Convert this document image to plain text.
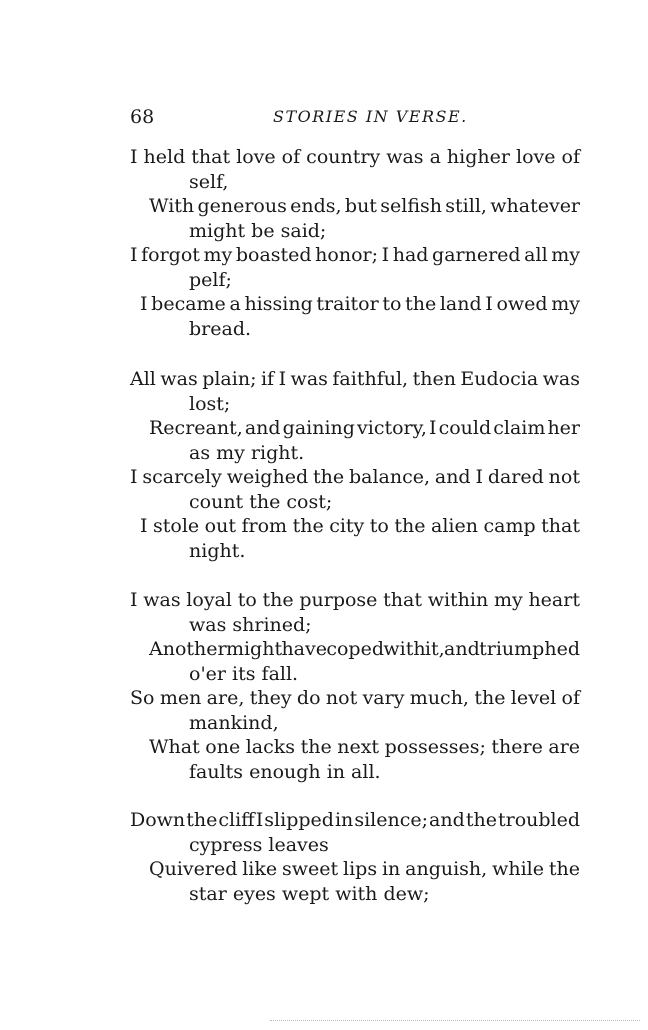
68	STORIES IN VERSE.
I held that love of country was a higher love of
self,
With generous ends, but selfish still, whatever
might be said;
I forgot my boasted honor; I had garnered all my
pelf;
I became a hissing traitor to the land I owed my
bread.
All was plain; if I was faithful, then Eudocia was
lost;
Recreant, and gaining victory, I could claim her
as my right.
I scarcely weighed the balance, and I dared not
count the cost;
I stole out from the city to the alien camp that
night.
I was loyal to the purpose that within my heart
was shrined;
Another might have coped with it, and triumphed
o'er its fall.
So men are, they do not vary much, the level of
mankind,
What one lacks the next possesses; there are
faults enough in all.
Down the cliff I slipped in silence; and the troubled
cypress leaves
Quivered like sweet lips in anguish, while the
star eyes wept with dew;
